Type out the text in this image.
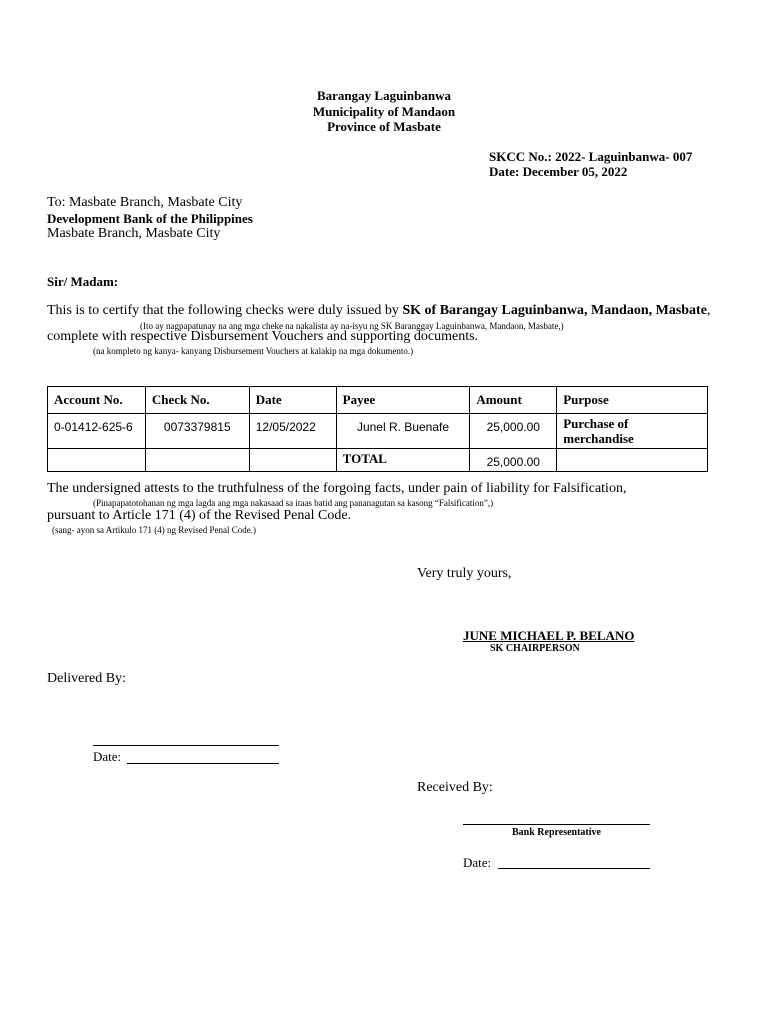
Barangay Laguinbanwa
Municipality of Mandaon
Province of Masbate
SKCC No.: 2022- Laguinbanwa- 007
Date: December 05, 2022
To: Masbate Branch, Masbate City
Development Bank of the Philippines
Masbate Branch, Masbate City
Sir/ Madam:
This is to certify that the following checks were duly issued by SK of Barangay Laguinbanwa, Mandaon, Masbate,
(Ito ay nagpapatunay na ang mga cheke na nakalista ay na-isyu ng SK Baranggay Laguinbanwa, Mandaon, Masbate,)
complete with respective Disbursement Vouchers and supporting documents.
(na kompleto ng kanya- kanyang Disbursement Vouchers at kalakip na mga dokumento.)
Account No.	Check No.	Date	Payee	Amount	Purpose
0-01412-625-6	0073379815	12/05/2022	Junel R. Buenafe	25,000.00	Purchase of merchandise
			TOTAL	25,000.00	
The undersigned attests to the truthfulness of the forgoing facts, under pain of liability for Falsification,
(Pinapapatotohanan ng mga lagda ang mga nakasaad sa itaas batid ang pananagutan sa kasong “Falsification”,)
pursuant to Article 171 (4) of the Revised Penal Code.
(sang- ayon sa Artikulo 171 (4) ng Revised Penal Code.)
Very truly yours,
JUNE MICHAEL P. BELANO
SK CHAIRPERSON
Delivered By:
Date:
Received By:
Bank Representative
Date:
